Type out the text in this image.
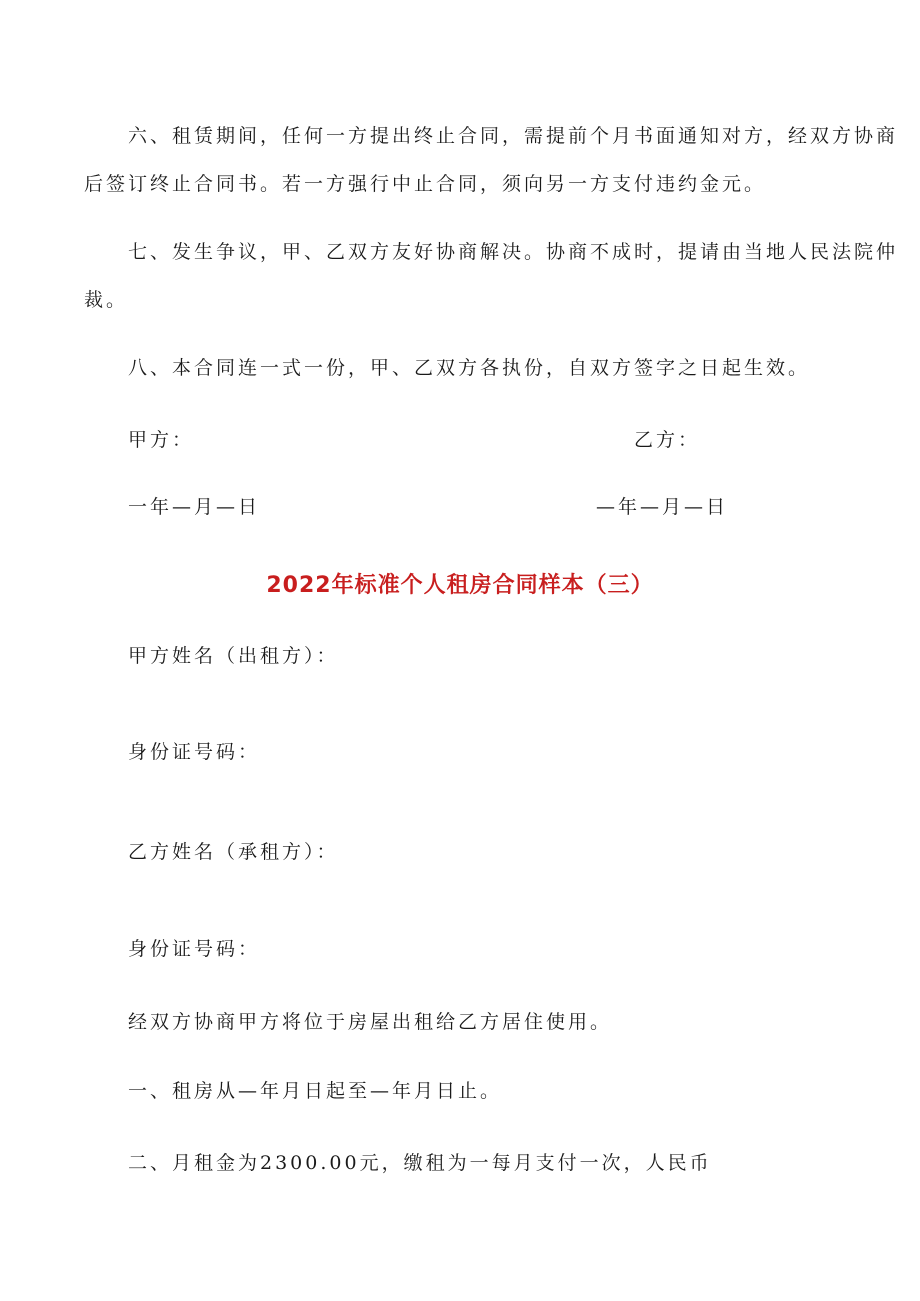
六、租赁期间，任何一方提出终止合同，需提前个月书面通知对方，经双方协商

后签订终止合同书。若一方强行中止合同，须向另一方支付违约金元。

七、发生争议，甲、乙双方友好协商解决。协商不成时，提请由当地人民法院仲

裁。

八、本合同连一式一份，甲、乙双方各执份，自双方签字之日起生效。

甲方：	乙方：

一年—月—日	—年—月—日

2022年标准个人租房合同样本（三）

甲方姓名（出租方）：

身份证号码：

乙方姓名（承租方）：

身份证号码：

经双方协商甲方将位于房屋出租给乙方居住使用。

一、租房从—年月日起至—年月日止。

二、月租金为2300.00元，缴租为一每月支付一次，人民币
